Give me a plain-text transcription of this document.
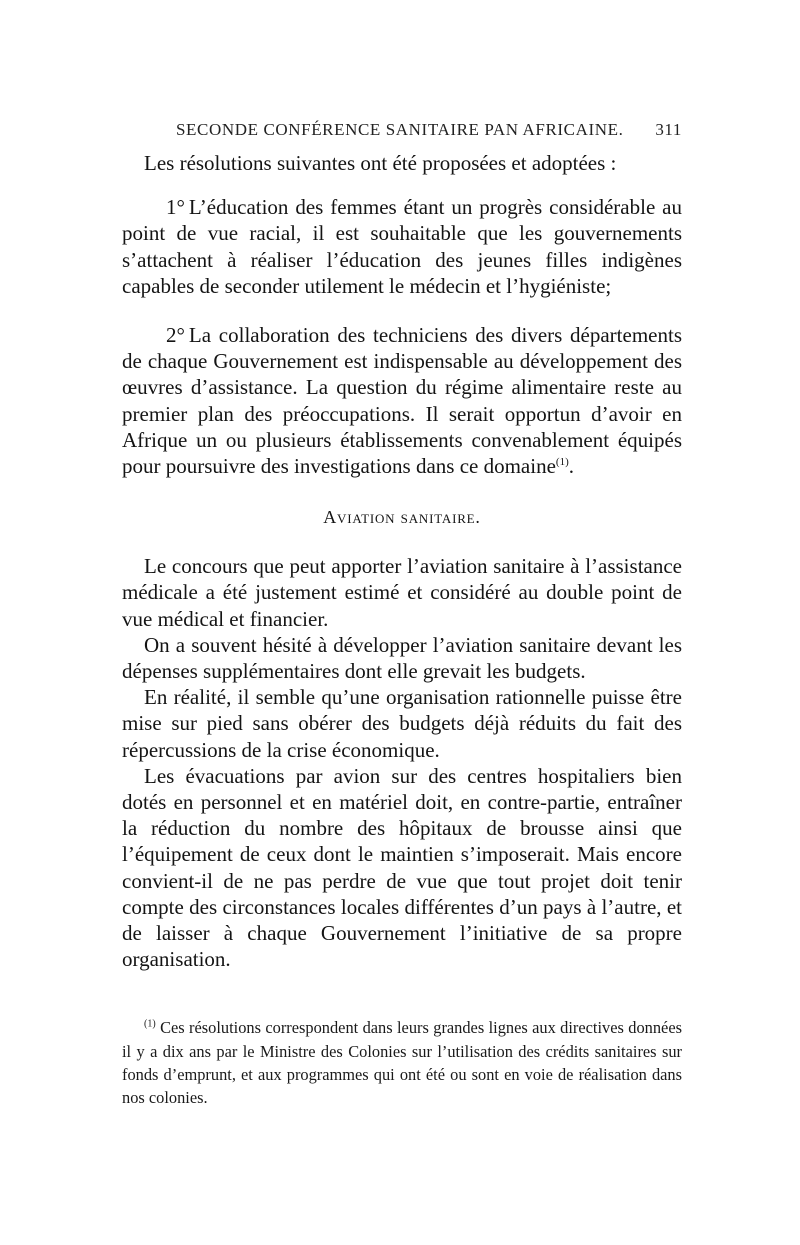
SECONDE CONFÉRENCE SANITAIRE PAN AFRICAINE. 311

Les résolutions suivantes ont été proposées et adoptées :

1° L’éducation des femmes étant un progrès considérable au point de vue racial, il est souhaitable que les gouvernements s’attachent à réaliser l’éducation des jeunes filles indigènes capables de seconder utilement le médecin et l’hygiéniste;

2° La collaboration des techniciens des divers départements de chaque Gouvernement est indispensable au développement des œuvres d’assistance. La question du régime alimentaire reste au premier plan des préoccupations. Il serait opportun d’avoir en Afrique un ou plusieurs établissements convenablement équipés pour poursuivre des investigations dans ce domaine$^{(1)}$.

Aviation sanitaire.

Le concours que peut apporter l’aviation sanitaire à l’assistance médicale a été justement estimé et considéré au double point de vue médical et financier.

On a souvent hésité à développer l’aviation sanitaire devant les dépenses supplémentaires dont elle grevait les budgets.

En réalité, il semble qu’une organisation rationnelle puisse être mise sur pied sans obérer des budgets déjà réduits du fait des répercussions de la crise économique.

Les évacuations par avion sur des centres hospitaliers bien dotés en personnel et en matériel doit, en contre-partie, entraîner la réduction du nombre des hôpitaux de brousse ainsi que l’équipement de ceux dont le maintien s’imposerait. Mais encore convient-il de ne pas perdre de vue que tout projet doit tenir compte des circonstances locales différentes d’un pays à l’autre, et de laisser à chaque Gouvernement l’initiative de sa propre organisation.

$^{(1)}$ Ces résolutions correspondent dans leurs grandes lignes aux directives données il y a dix ans par le Ministre des Colonies sur l’utilisation des crédits sanitaires sur fonds d’emprunt, et aux programmes qui ont été ou sont en voie de réalisation dans nos colonies.
